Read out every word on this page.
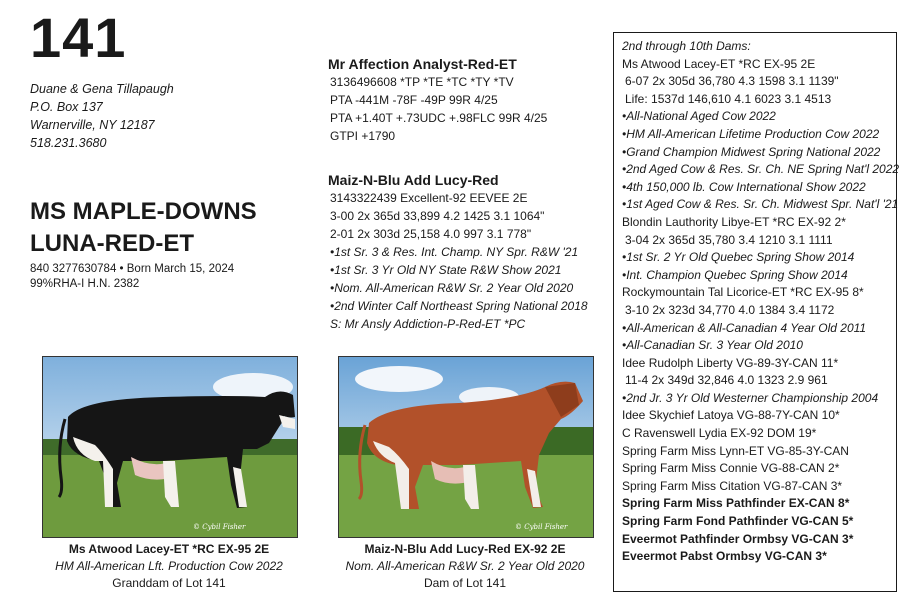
141
Duane & Gena Tillapaugh
P.O. Box 137
Warnerville, NY 12187
518.231.3680
MS MAPLE-DOWNS
LUNA-RED-ET
840 3277630784 • Born March 15, 2024
99%RHA-I H.N. 2382
Mr Affection Analyst-Red-ET
3136496608 *TP *TE *TC *TY *TV
PTA -441M -78F -49P 99R 4/25
PTA +1.40T +.73UDC +.98FLC 99R 4/25
GTPI +1790
Maiz-N-Blu Add Lucy-Red
3143322439 Excellent-92 EEVEE 2E
3-00 2x 365d 33,899 4.2 1425 3.1 1064"
2-01 2x 303d 25,158 4.0 997 3.1 778"
•1st Sr. 3 & Res. Int. Champ. NY Spr. R&W '21
•1st Sr. 3 Yr Old NY State R&W Show 2021
•Nom. All-American R&W Sr. 2 Year Old 2020
•2nd Winter Calf Northeast Spring National 2018
S: Mr Ansly Addiction-P-Red-ET *PC
© Cybil Fisher	© Cybil Fisher
Ms Atwood Lacey-ET *RC EX-95 2E
HM All-American Lft. Production Cow 2022
Granddam of Lot 141
Maiz-N-Blu Add Lucy-Red EX-92 2E
Nom. All-American R&W Sr. 2 Year Old 2020
Dam of Lot 141
2nd through 10th Dams:
Ms Atwood Lacey-ET *RC EX-95 2E
6-07 2x 305d 36,780 4.3 1598 3.1 1139"
Life: 1537d 146,610 4.1 6023 3.1 4513
•All-National Aged Cow 2022
•HM All-American Lifetime Production Cow 2022
•Grand Champion Midwest Spring National 2022
•2nd Aged Cow & Res. Sr. Ch. NE Spring Nat'l 2022
•4th 150,000 lb. Cow International Show 2022
•1st Aged Cow & Res. Sr. Ch. Midwest Spr. Nat'l '21
Blondin Lauthority Libye-ET *RC EX-92 2*
3-04 2x 365d 35,780 3.4 1210 3.1 1111
•1st Sr. 2 Yr Old Quebec Spring Show 2014
•Int. Champion Quebec Spring Show 2014
Rockymountain Tal Licorice-ET *RC EX-95 8*
3-10 2x 323d 34,770 4.0 1384 3.4 1172
•All-American & All-Canadian 4 Year Old 2011
•All-Canadian Sr. 3 Year Old 2010
Idee Rudolph Liberty VG-89-3Y-CAN 11*
11-4 2x 349d 32,846 4.0 1323 2.9 961
•2nd Jr. 3 Yr Old Westerner Championship 2004
Idee Skychief Latoya VG-88-7Y-CAN 10*
C Ravenswell Lydia EX-92 DOM 19*
Spring Farm Miss Lynn-ET VG-85-3Y-CAN
Spring Farm Miss Connie VG-88-CAN 2*
Spring Farm Miss Citation VG-87-CAN 3*
Spring Farm Miss Pathfinder EX-CAN 8*
Spring Farm Fond Pathfinder VG-CAN 5*
Eveermot Pathfinder Ormbsy VG-CAN 3*
Eveermot Pabst Ormbsy VG-CAN 3*
